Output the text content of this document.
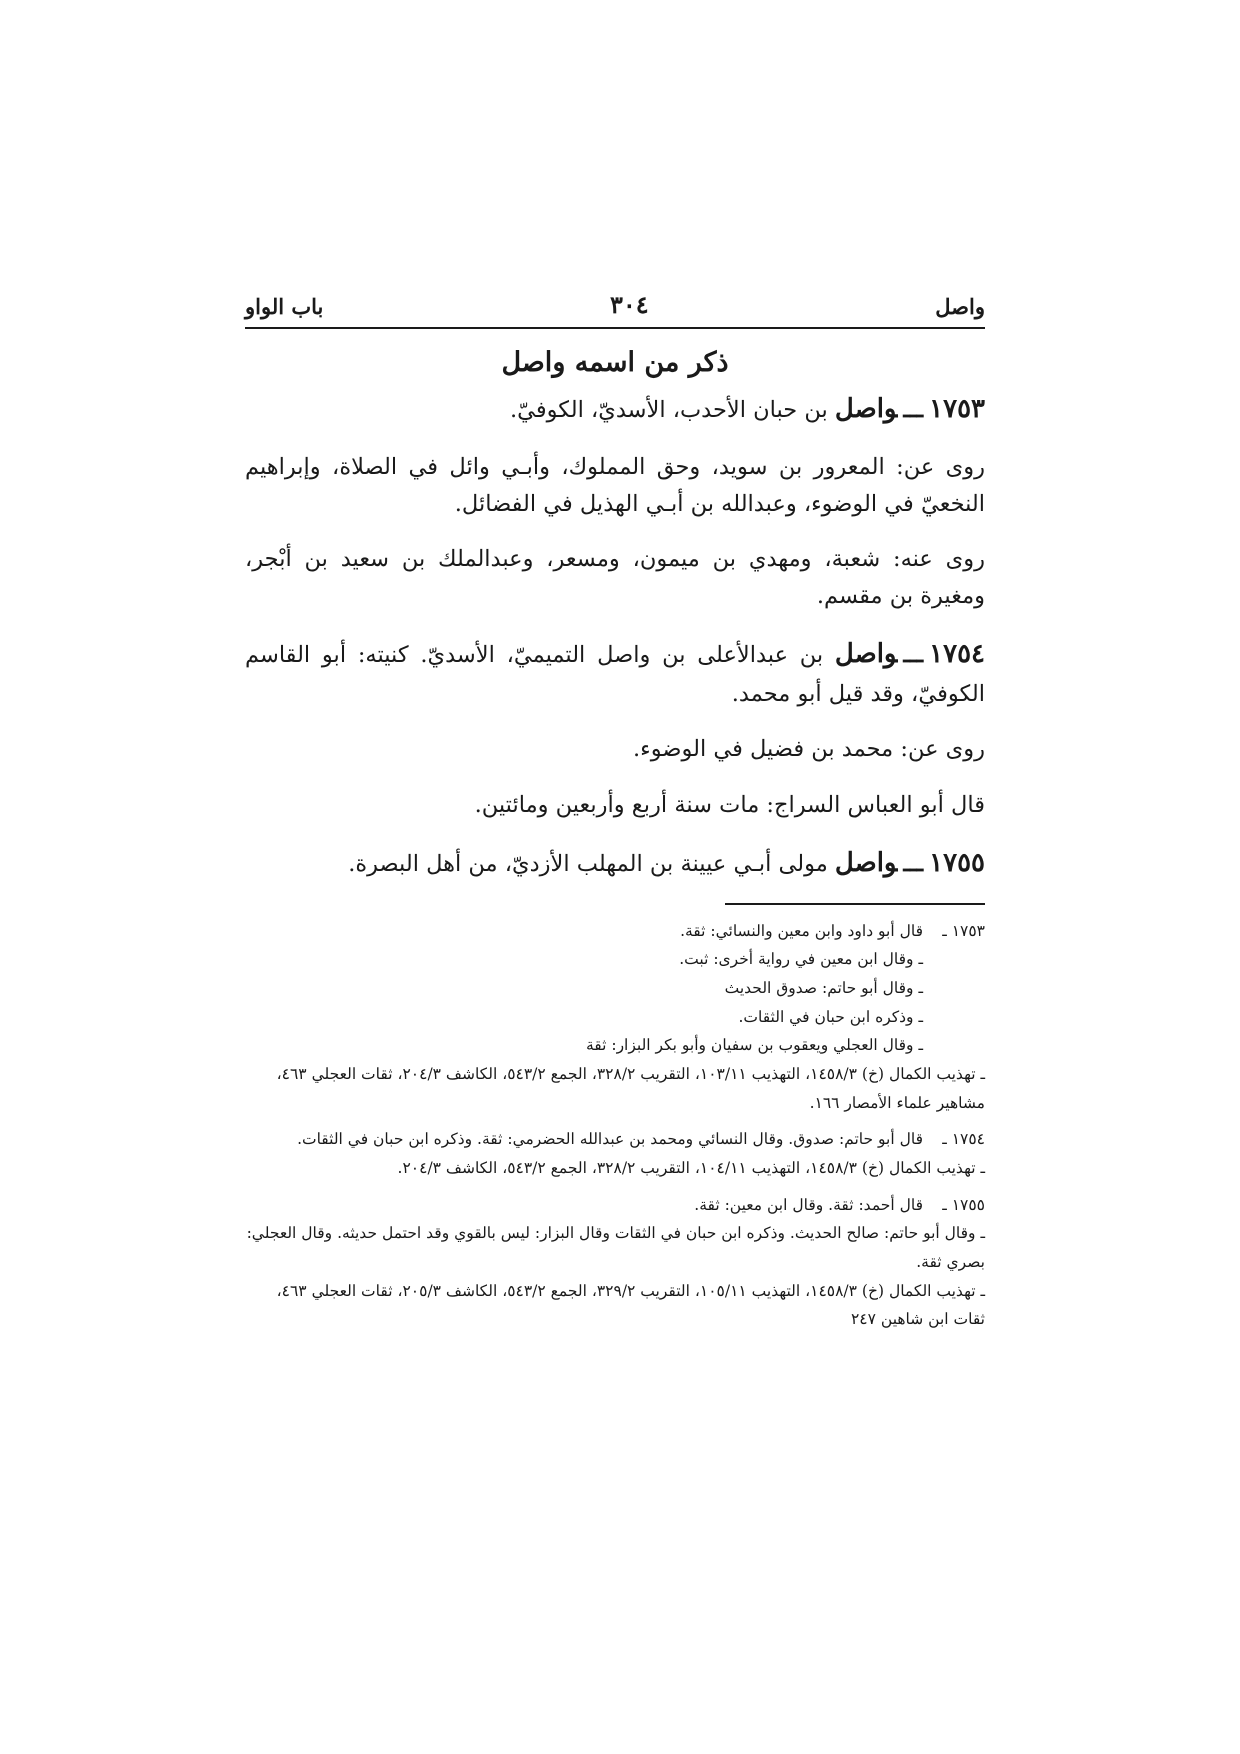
واصل
٣٠٤
باب الواو
ذكر من اسمه واصل

١٧٥٣ـــواصل بن حبان الأحدب، الأسديّ، الكوفيّ.

روى عن: المعرور بن سويد، وحق المملوك، وأبـي وائل في الصلاة، وإبراهيم النخعيّ في الوضوء، وعبدالله بن أبـي الهذيل في الفضائل.

روى عنه: شعبة، ومهدي بن ميمون، ومسعر، وعبدالملك بن سعيد بن أبْجر، ومغيرة بن مقسم.

١٧٥٤ـــواصل بن عبدالأعلى بن واصل التميميّ، الأسديّ. كنيته: أبو القاسم الكوفيّ، وقد قيل أبو محمد.

روى عن: محمد بن فضيل في الوضوء.

قال أبو العباس السراج: مات سنة أربع وأربعين ومائتين.

١٧٥٥ـــواصل مولى أبـي عيينة بن المهلب الأزديّ، من أهل البصرة.

١٧٥٣ ـ
قال أبو داود وابن معين والنسائي: ثقة.
ـ وقال ابن معين في رواية أخرى: ثبت.
ـ وقال أبو حاتم: صدوق الحديث
ـ وذكره ابن حبان في الثقات.
ـ وقال العجلي ويعقوب بن سفيان وأبو بكر البزار: ثقة
ـ تهذيب الكمال (خ) ١٤٥٨/٣، التهذيب ١٠٣/١١، التقريب ٣٢٨/٢، الجمع ٥٤٣/٢، الكاشف ٢٠٤/٣، ثقات العجلي ٤٦٣، مشاهير علماء الأمصار ١٦٦.
١٧٥٤ ـ
قال أبو حاتم: صدوق. وقال النسائي ومحمد بن عبدالله الحضرمي: ثقة. وذكره ابن حبان في الثقات.
ـ تهذيب الكمال (خ) ١٤٥٨/٣، التهذيب ١٠٤/١١، التقريب ٣٢٨/٢، الجمع ٥٤٣/٢، الكاشف ٢٠٤/٣.
١٧٥٥ ـ
قال أحمد: ثقة. وقال ابن معين: ثقة.
ـ وقال أبو حاتم: صالح الحديث. وذكره ابن حبان في الثقات وقال البزار: ليس بالقوي وقد احتمل حديثه. وقال العجلي: بصري ثقة.
ـ تهذيب الكمال (خ) ١٤٥٨/٣، التهذيب ١٠٥/١١، التقريب ٣٢٩/٢، الجمع ٥٤٣/٢، الكاشف ٢٠٥/٣، ثقات العجلي ٤٦٣، ثقات ابن شاهين ٢٤٧
